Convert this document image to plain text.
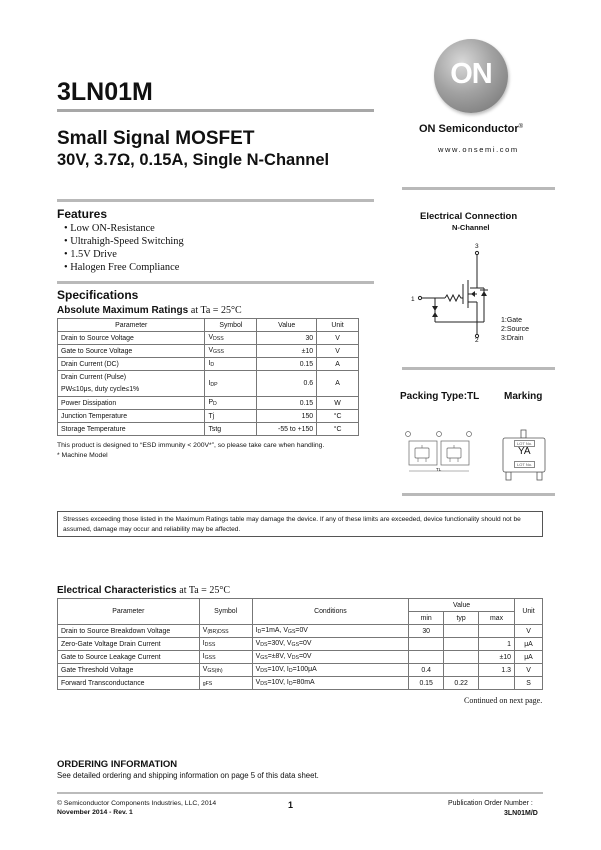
3LN01M
ON
ON Semiconductor®
www.onsemi.com
Small Signal MOSFET
30V, 3.7Ω, 0.15A, Single N-Channel
Features
• Low ON-Resistance
• Ultrahigh-Speed Switching
• 1.5V Drive
• Halogen Free Compliance
Specifications
Absolute Maximum Ratings at Ta = 25°C
Parameter	Symbol	Value	Unit
Drain to Source Voltage	$V_{DSS}$	30	V
Gate to Source Voltage	$V_{GSS}$	±10	V
Drain Current (DC)	$I_D$	0.15	A
Drain Current (Pulse)
PW≤10μs, duty cycle≤1%	$I_{DP}$	0.6	A
Power Dissipation	$P_D$	0.15	W
Junction Temperature	Tj	150	°C
Storage Temperature	Tstg	-55 to +150	°C
This product is designed to “ESD immunity < 200V*”, so please take care when handling.
* Machine Model
Electrical Connection
N-Channel
3
1
2
1:Gate
2:Source
3:Drain
Packing Type:TL Marking
TL
LOT No.
YA
LOT No.
Stresses exceeding those listed in the Maximum Ratings table may damage the device. If any of these limits are exceeded, device functionality should not be assumed, damage may occur and reliability may be affected.
Electrical Characteristics at Ta = 25°C
Parameter	Symbol	Conditions	Value			Unit
			min	typ	max	
Drain to Source Breakdown Voltage	$V_{(BR)DSS}$	$I_D=1mA$, $V_{GS}=0V$	30			V
Zero-Gate Voltage Drain Current	$I_{DSS}$	$V_{DS}=30V$, $V_{GS}=0V$			1	μA
Gate to Source Leakage Current	$I_{GSS}$	$V_{GS}=\pm 8V$, $V_{DS}=0V$			±10	μA
Gate Threshold Voltage	$V_{GS(th)}$	$V_{DS}=10V$, $I_D=100\mu A$	0.4		1.3	V
Forward Transconductance	$_{gFS}$	$V_{DS}=10V$, $I_D=80mA$	0.15	0.22		S
Continued on next page.
ORDERING INFORMATION
See detailed ordering and shipping information on page 5 of this data sheet.
© Semiconductor Components Industries, LLC, 2014
November 2014 - Rev. 1
1	Publication Order Number :
3LN01M/D
